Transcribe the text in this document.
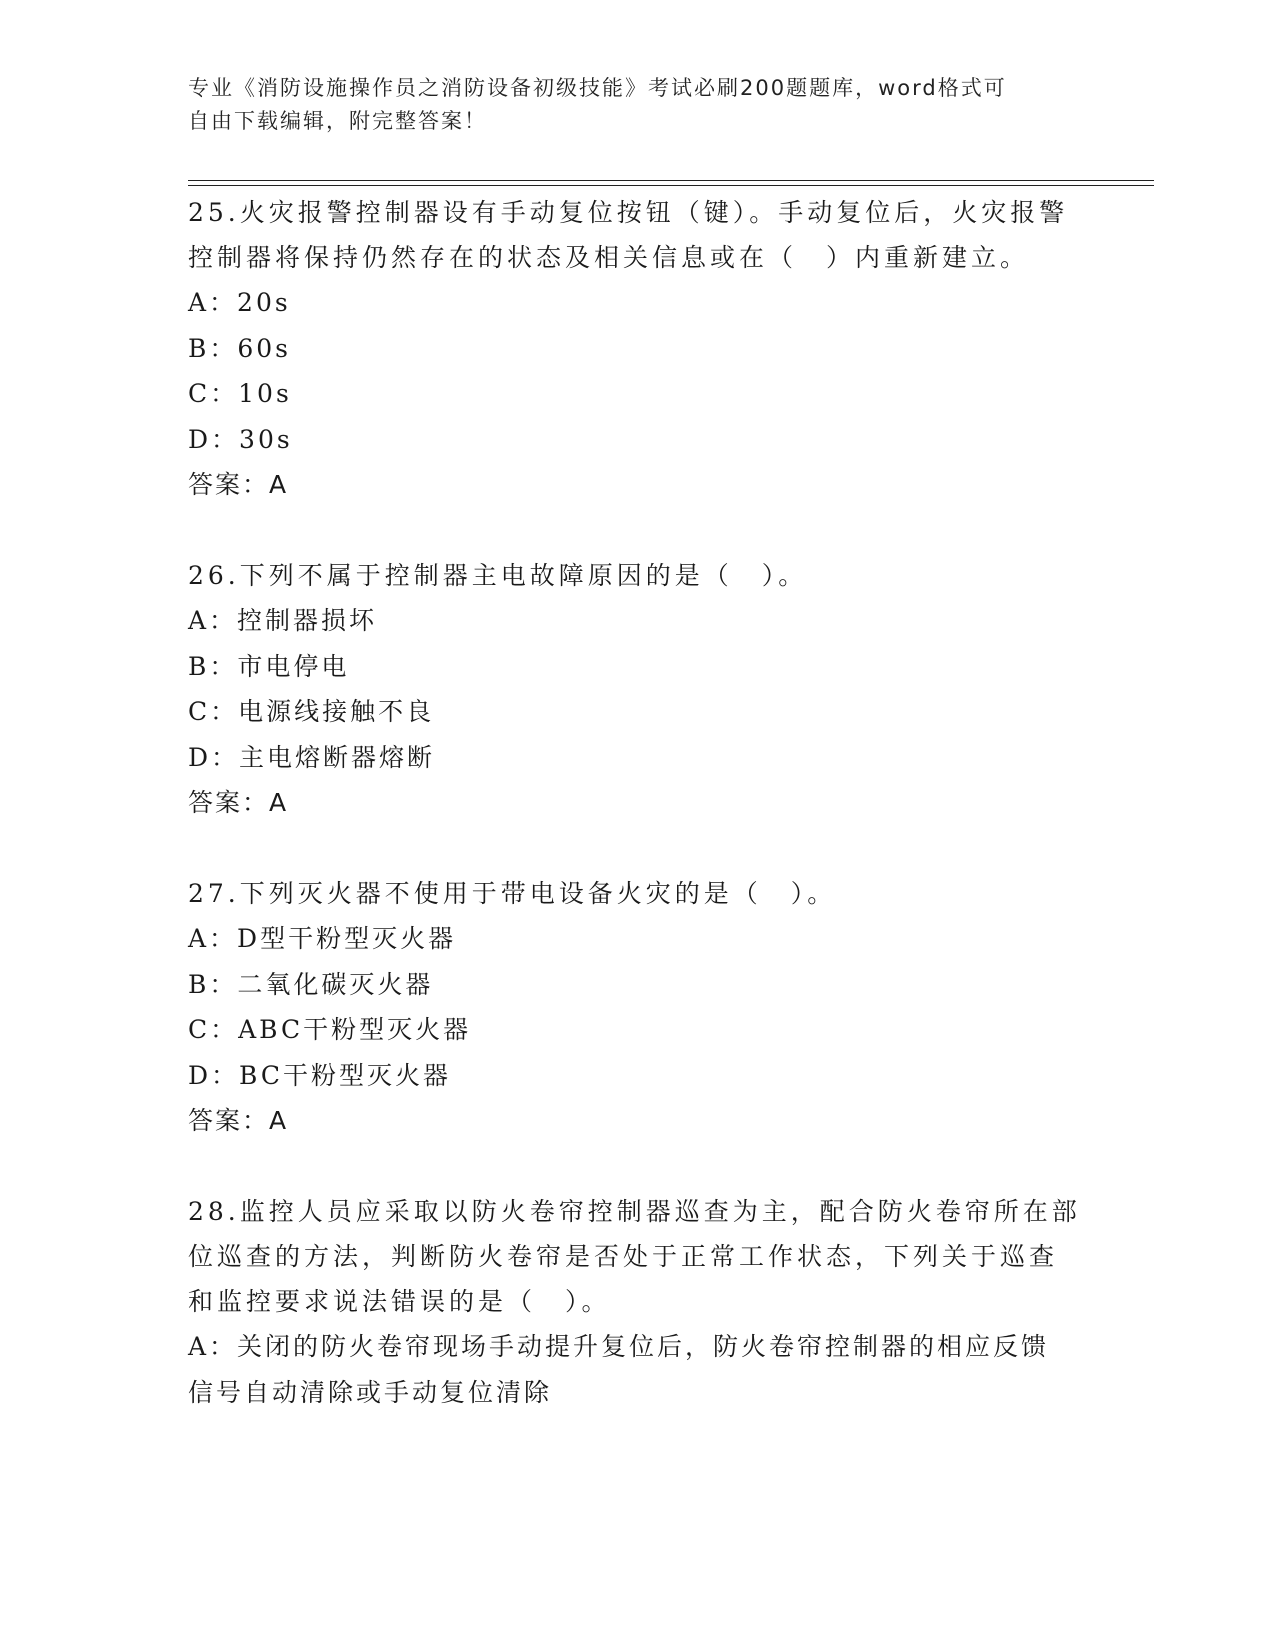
专业《消防设施操作员之消防设备初级技能》考试必刷200题题库，word格式可
自由下载编辑，附完整答案！

25.火灾报警控制器设有手动复位按钮（键）。手动复位后，火灾报警

控制器将保持仍然存在的状态及相关信息或在（　）内重新建立。

A：20s

B：60s

C：10s

D：30s

答案：A

26.下列不属于控制器主电故障原因的是（　）。

A：控制器损坏

B：市电停电

C：电源线接触不良

D：主电熔断器熔断

答案：A

27.下列灭火器不使用于带电设备火灾的是（　）。

A：D型干粉型灭火器

B：二氧化碳灭火器

C：ABC干粉型灭火器

D：BC干粉型灭火器

答案：A

28.监控人员应采取以防火卷帘控制器巡查为主，配合防火卷帘所在部

位巡查的方法，判断防火卷帘是否处于正常工作状态，下列关于巡查

和监控要求说法错误的是（　）。

A：关闭的防火卷帘现场手动提升复位后，防火卷帘控制器的相应反馈

信号自动清除或手动复位清除
